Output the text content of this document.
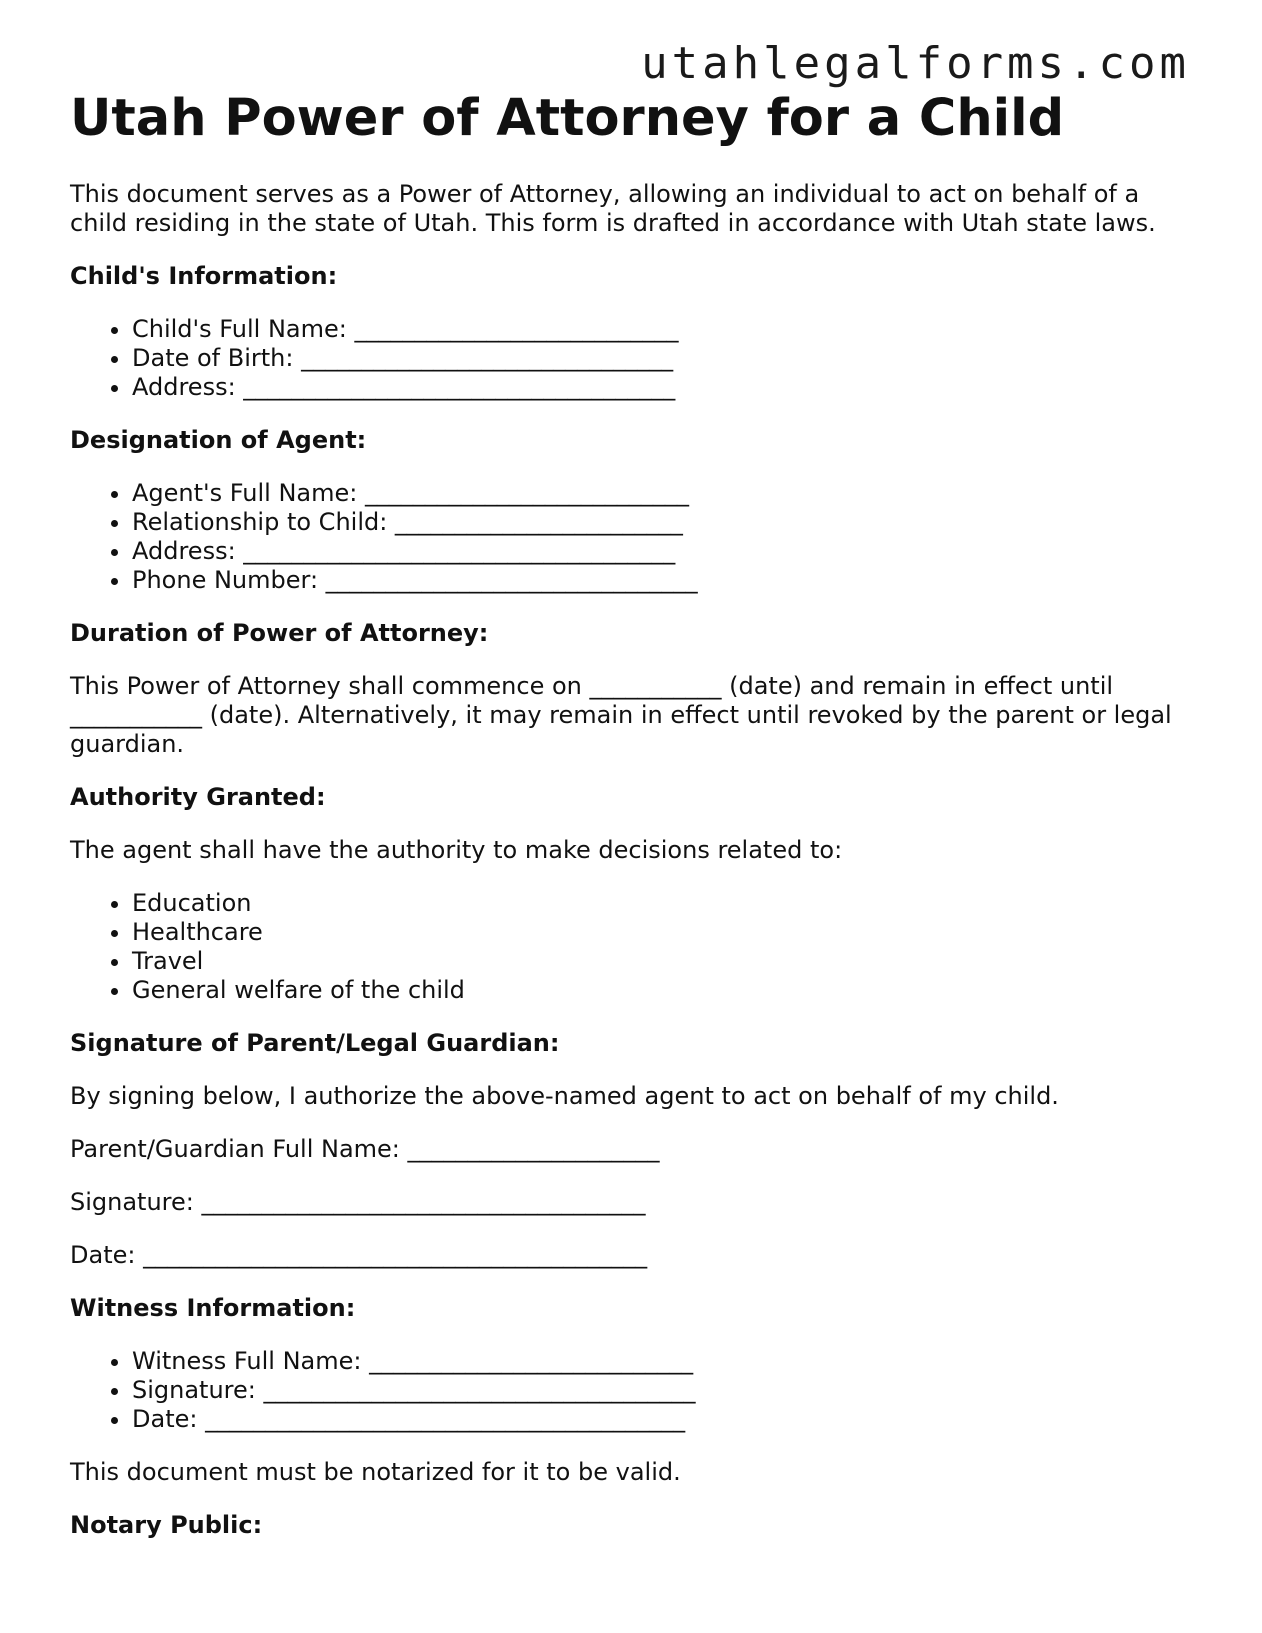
utahlegalforms.com
Utah Power of Attorney for a Child

This document serves as a Power of Attorney, allowing an individual to act on behalf of a child residing in the state of Utah. This form is drafted in accordance with Utah state laws.

Child's Information:
• Child's Full Name: ___________________________
• Date of Birth: _______________________________
• Address: ____________________________________
Designation of Agent:
• Agent's Full Name: ___________________________
• Relationship to Child: ________________________
• Address: ____________________________________
• Phone Number: _______________________________
Duration of Power of Attorney:

This Power of Attorney shall commence on ___________ (date) and remain in effect until ___________ (date). Alternatively, it may remain in effect until revoked by the parent or legal guardian.

Authority Granted:

The agent shall have the authority to make decisions related to:

• Education
• Healthcare
• Travel
• General welfare of the child
Signature of Parent/Legal Guardian:

By signing below, I authorize the above-named agent to act on behalf of my child.

Parent/Guardian Full Name: _____________________

Signature: _____________________________________

Date: __________________________________________

Witness Information:
• Witness Full Name: ___________________________
• Signature: ____________________________________
• Date: ________________________________________

This document must be notarized for it to be valid.

Notary Public:
